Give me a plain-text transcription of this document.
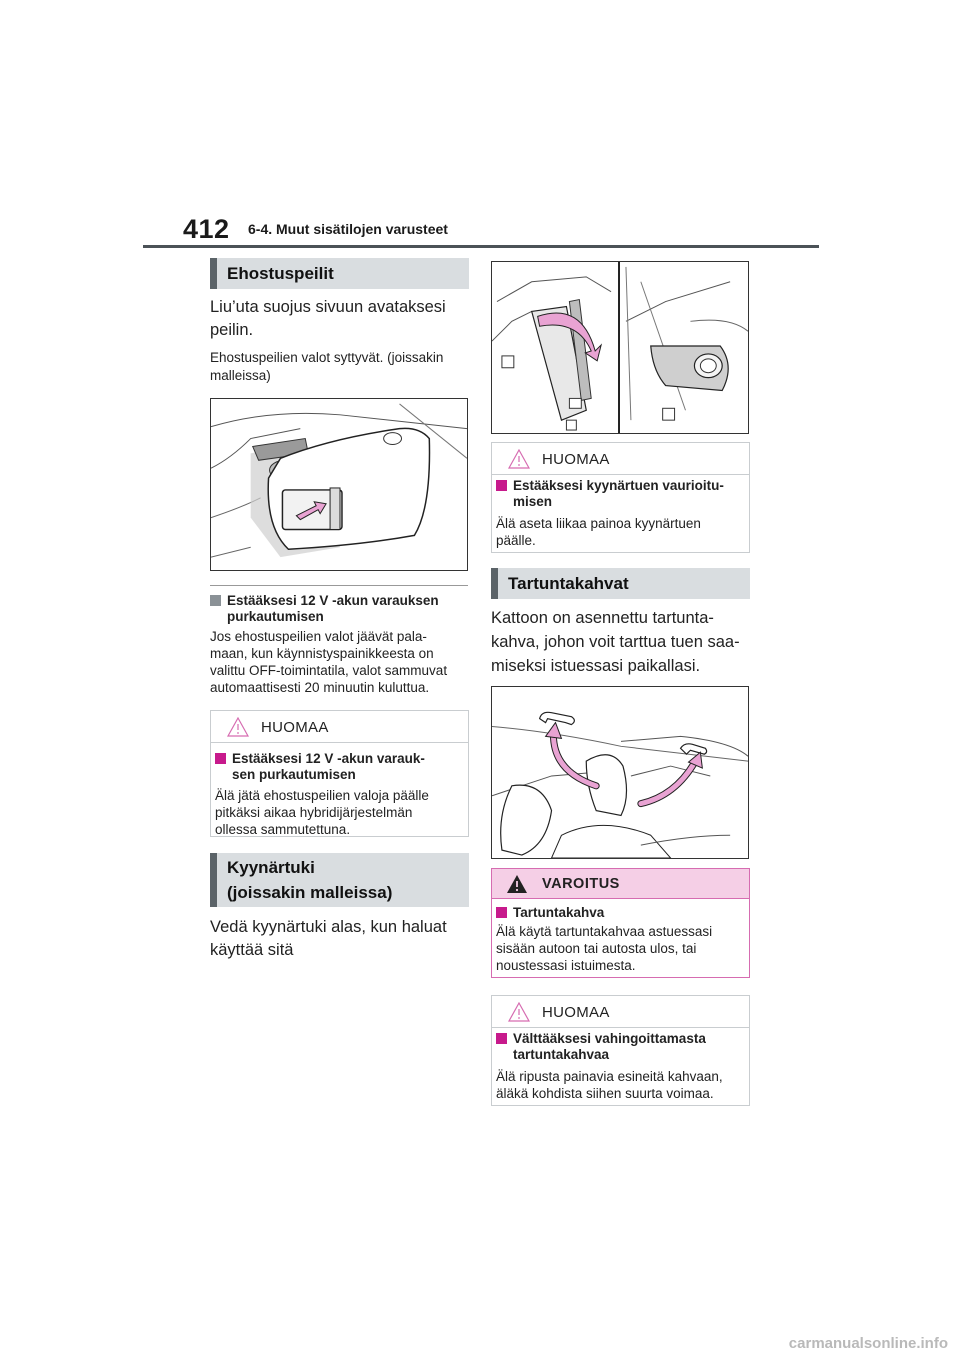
412 6-4. Muut sisätilojen varusteet
Ehostuspeilit
Liu’uta suojus sivuun avataksesi
peilin.
Ehostuspeilien valot syttyvät. (joissakin
malleissa)
Estääksesi 12 V -akun varauksen
purkautumisen
Jos ehostuspeilien valot jäävät pala-
maan, kun käynnistyspainikkeesta on
valittu OFF-toimintatila, valot sammuvat
automaattisesti 20 minuutin kuluttua.
HUOMAA
Estääksesi 12 V -akun varauk-
sen purkautumisen
Älä jätä ehostuspeilien valoja päälle
pitkäksi aikaa hybridijärjestelmän
ollessa sammutettuna.
Kyynärtuki
(joissakin malleissa)
Vedä kyynärtuki alas, kun haluat
käyttää sitä
HUOMAA
Estääksesi kyynärtuen vaurioitu-
misen
Älä aseta liikaa painoa kyynärtuen
päälle.
Tartuntakahvat
Kattoon on asennettu tartunta-
kahva, johon voit tarttua tuen saa-
miseksi istuessasi paikallasi.
VAROITUS
Tartuntakahva
Älä käytä tartuntakahvaa astuessasi
sisään autoon tai autosta ulos, tai
noustessasi istuimesta.
HUOMAA
Välttääksesi vahingoittamasta
tartuntakahvaa
Älä ripusta painavia esineitä kahvaan,
äläkä kohdista siihen suurta voimaa.
carmanualsonline.info
